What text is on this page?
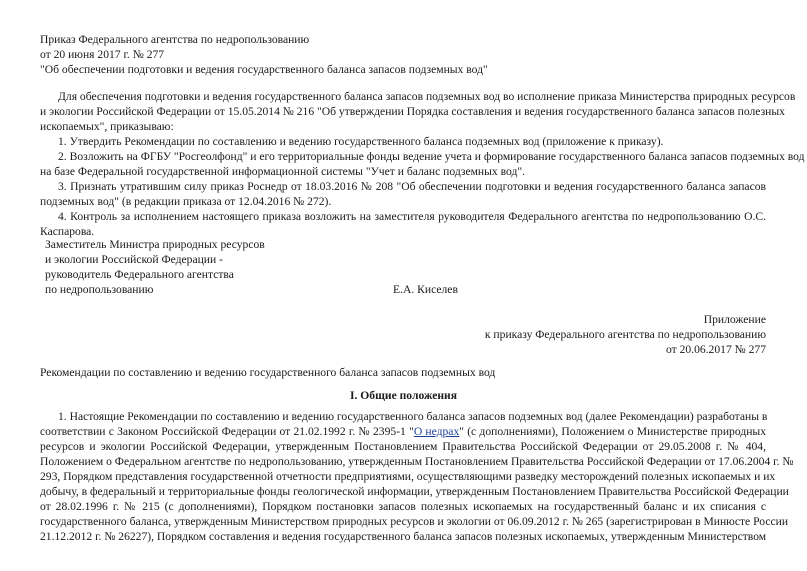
Приказ Федерального агентства по недропользованию
от 20 июня 2017 г. № 277
"Об обеспечении подготовки и ведения государственного баланса запасов подземных вод"
Для обеспечения подготовки и ведения государственного баланса запасов подземных вод во исполнение приказа Министерства природных ресурсов
и экологии Российской Федерации от 15.05.2014 № 216 "Об утверждении Порядка составления и ведения государственного баланса запасов полезных
ископаемых", приказываю:
1. Утвердить Рекомендации по составлению и ведению государственного баланса подземных вод (приложение к приказу).
2. Возложить на ФГБУ "Росгеолфонд" и его территориальные фонды ведение учета и формирование государственного баланса запасов подземных вод
на базе Федеральной государственной информационной системы "Учет и баланс подземных вод".
3. Признать утратившим силу приказ Роснедр от 18.03.2016 № 208 "Об обеспечении подготовки и ведения государственного баланса запасов
подземных вод" (в редакции приказа от 12.04.2016 № 272).
4. Контроль за исполнением настоящего приказа возложить на заместителя руководителя Федерального агентства по недропользованию О.С.
Каспарова.
Заместитель Министра природных ресурсов
и экологии Российской Федерации -
руководитель Федерального агентства
по недропользованию	Е.А. Киселев
Приложение
к приказу Федерального агентства по недропользованию
от 20.06.2017 № 277
Рекомендации по составлению и ведению государственного баланса запасов подземных вод
I. Общие положения
1. Настоящие Рекомендации по составлению и ведению государственного баланса запасов подземных вод (далее Рекомендации) разработаны в
соответствии с Законом Российской Федерации от 21.02.1992 г. № 2395-1 "О недрах" (с дополнениями), Положением о Министерстве природных
ресурсов и экологии Российской Федерации, утвержденным Постановлением Правительства Российской Федерации от 29.05.2008 г. № 404,
Положением о Федеральном агентстве по недропользованию, утвержденным Постановлением Правительства Российской Федерации от 17.06.2004 г. №
293, Порядком представления государственной отчетности предприятиями, осуществляющими разведку месторождений полезных ископаемых и их
добычу, в федеральный и территориальные фонды геологической информации, утвержденным Постановлением Правительства Российской Федерации
от 28.02.1996 г. № 215 (с дополнениями), Порядком постановки запасов полезных ископаемых на государственный баланс и их списания с
государственного баланса, утвержденным Министерством природных ресурсов и экологии от 06.09.2012 г. № 265 (зарегистрирован в Минюсте России
21.12.2012 г. № 26227), Порядком составления и ведения государственного баланса запасов полезных ископаемых, утвержденным Министерством
